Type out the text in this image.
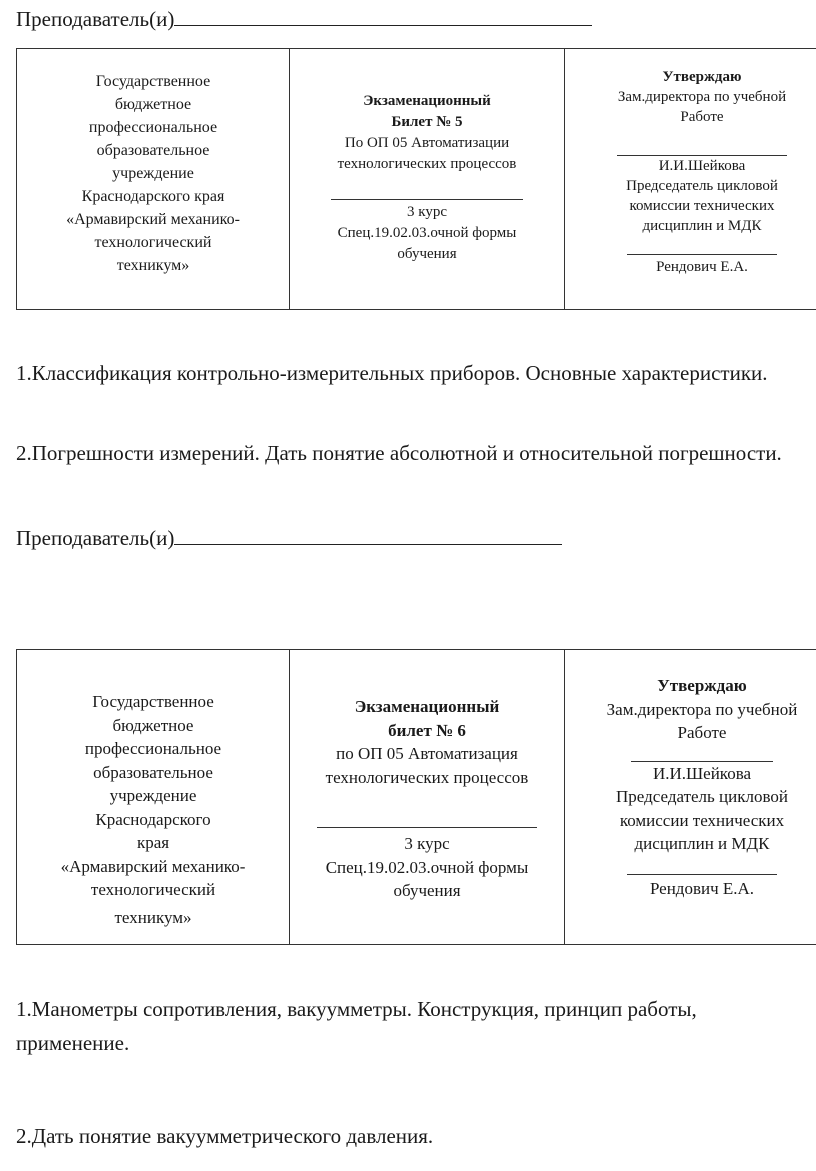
Преподаватель(и)
Государственное
бюджетное
профессиональное
образовательное
учреждение
Краснодарского края
«Армавирский механико-
технологический
техникум»

Экзаменационный
Билет № 5
По ОП 05 Автоматизации
технологических процессов
3 курс
Спец.19.02.03.очной формы
обучения

Утверждаю
Зам.директора по учебной
Работе
И.И.Шейкова
Председатель цикловой
комиссии технических
дисциплин и МДК
Рендович Е.А.
1.Классификация контрольно-измерительных приборов. Основные характеристики.
2.Погрешности измерений. Дать понятие абсолютной и относительной погрешности.
Преподаватель(и)
Государственное
бюджетное
профессиональное
образовательное
учреждение
Краснодарского
края
«Армавирский механико-
технологический
техникум»

Экзаменационный
билет № 6
по ОП 05 Автоматизация
технологических процессов
3 курс
Спец.19.02.03.очной формы
обучения

Утверждаю
Зам.директора по учебной
Работе
И.И.Шейкова
Председатель цикловой
комиссии технических
дисциплин и МДК
Рендович Е.А.
1.Манометры сопротивления, вакуумметры. Конструкция, принцип работы, применение.
2.Дать понятие вакуумметрического давления.
